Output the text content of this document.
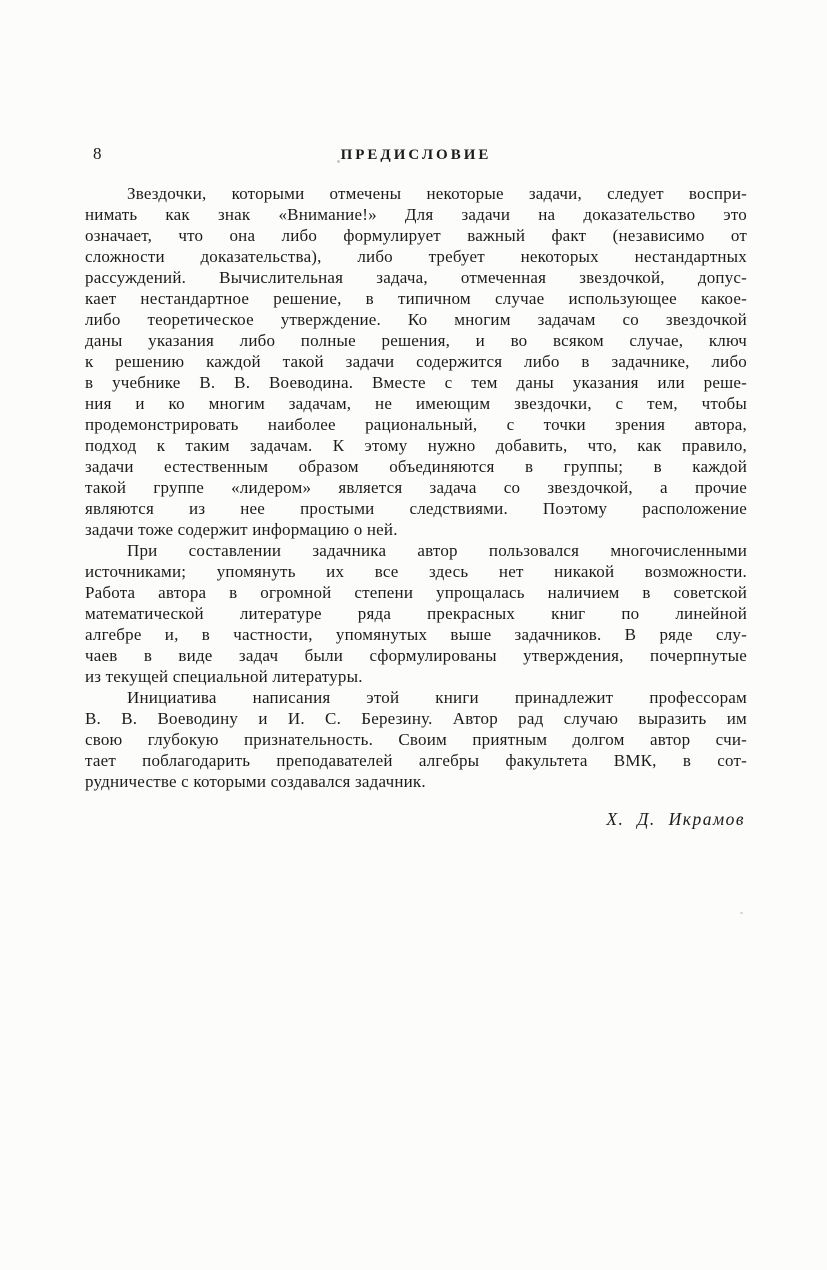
8	ПРЕДИСЛОВИЕ
Звездочки, которыми отмечены некоторые задачи, следует воспри-
нимать как знак «Внимание!» Для задачи на доказательство это
означает, что она либо формулирует важный факт (независимо от
сложности доказательства), либо требует некоторых нестандартных
рассуждений. Вычислительная задача, отмеченная звездочкой, допус-
кает нестандартное решение, в типичном случае использующее какое-
либо теоретическое утверждение. Ко многим задачам со звездочкой
даны указания либо полные решения, и во всяком случае, ключ
к решению каждой такой задачи содержится либо в задачнике, либо
в учебнике В. В. Воеводина. Вместе с тем даны указания или реше-
ния и ко многим задачам, не имеющим звездочки, с тем, чтобы
продемонстрировать наиболее рациональный, с точки зрения автора,
подход к таким задачам. К этому нужно добавить, что, как правило,
задачи естественным образом объединяются в группы; в каждой
такой группе «лидером» является задача со звездочкой, а прочие
являются из нее простыми следствиями. Поэтому расположение
задачи тоже содержит информацию о ней.
При составлении задачника автор пользовался многочисленными
источниками; упомянуть их все здесь нет никакой возможности.
Работа автора в огромной степени упрощалась наличием в советской
математической литературе ряда прекрасных книг по линейной
алгебре и, в частности, упомянутых выше задачников. В ряде слу-
чаев в виде задач были сформулированы утверждения, почерпнутые
из текущей специальной литературы.
Инициатива написания этой книги принадлежит профессорам
В. В. Воеводину и И. С. Березину. Автор рад случаю выразить им
свою глубокую признательность. Своим приятным долгом автор счи-
тает поблагодарить преподавателей алгебры факультета ВМК, в сот-
рудничестве с которыми создавался задачник.
Х. Д. Икрамов
